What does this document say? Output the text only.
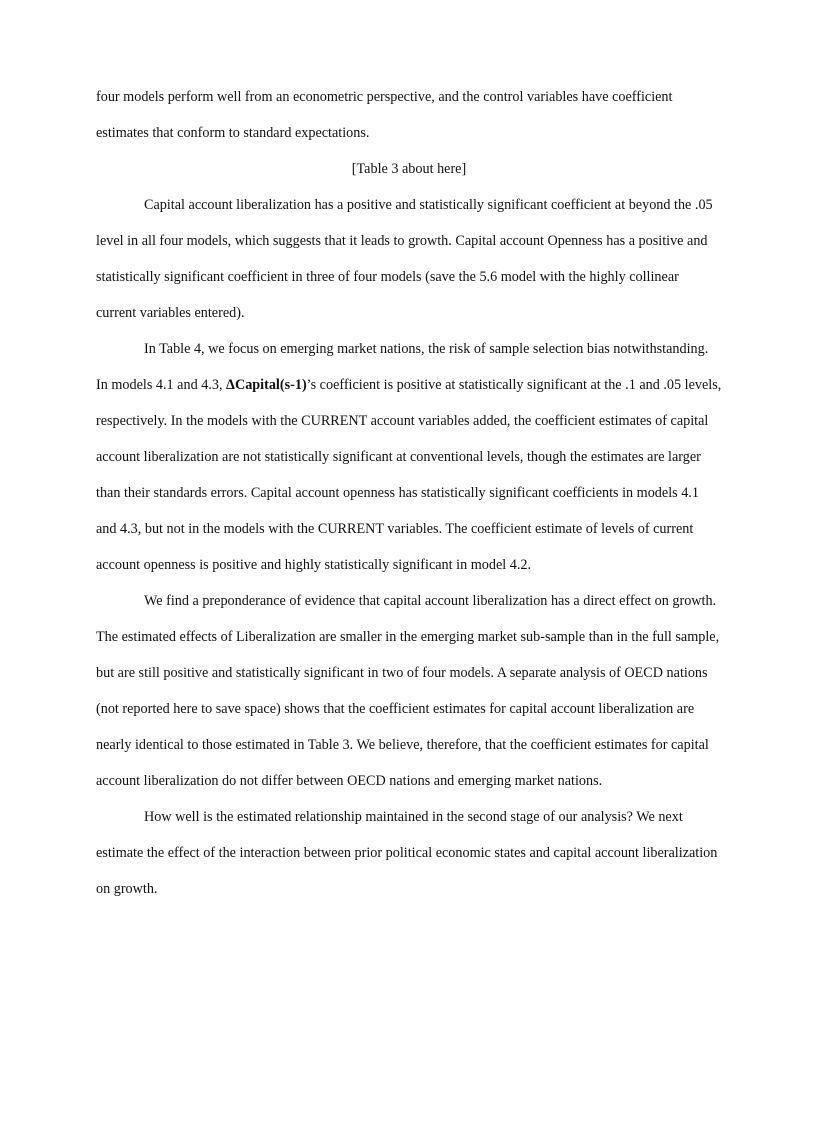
four models perform well from an econometric perspective, and the control variables have coefficient estimates that conform to standard expectations.

[Table 3 about here]

Capital account liberalization has a positive and statistically significant coefficient at beyond the .05 level in all four models, which suggests that it leads to growth. Capital account Openness has a positive and statistically significant coefficient in three of four models (save the 5.6 model with the highly collinear current variables entered).

In Table 4, we focus on emerging market nations, the risk of sample selection bias notwithstanding. In models 4.1 and 4.3, ΔCapital(s-1)’s coefficient is positive at statistically significant at the .1 and .05 levels, respectively. In the models with the CURRENT account variables added, the coefficient estimates of capital account liberalization are not statistically significant at conventional levels, though the estimates are larger than their standards errors. Capital account openness has statistically significant coefficients in models 4.1 and 4.3, but not in the models with the CURRENT variables. The coefficient estimate of levels of current account openness is positive and highly statistically significant in model 4.2.

We find a preponderance of evidence that capital account liberalization has a direct effect on growth. The estimated effects of Liberalization are smaller in the emerging market sub-sample than in the full sample, but are still positive and statistically significant in two of four models. A separate analysis of OECD nations (not reported here to save space) shows that the coefficient estimates for capital account liberalization are nearly identical to those estimated in Table 3. We believe, therefore, that the coefficient estimates for capital account liberalization do not differ between OECD nations and emerging market nations.

How well is the estimated relationship maintained in the second stage of our analysis? We next estimate the effect of the interaction between prior political economic states and capital account liberalization on growth.
